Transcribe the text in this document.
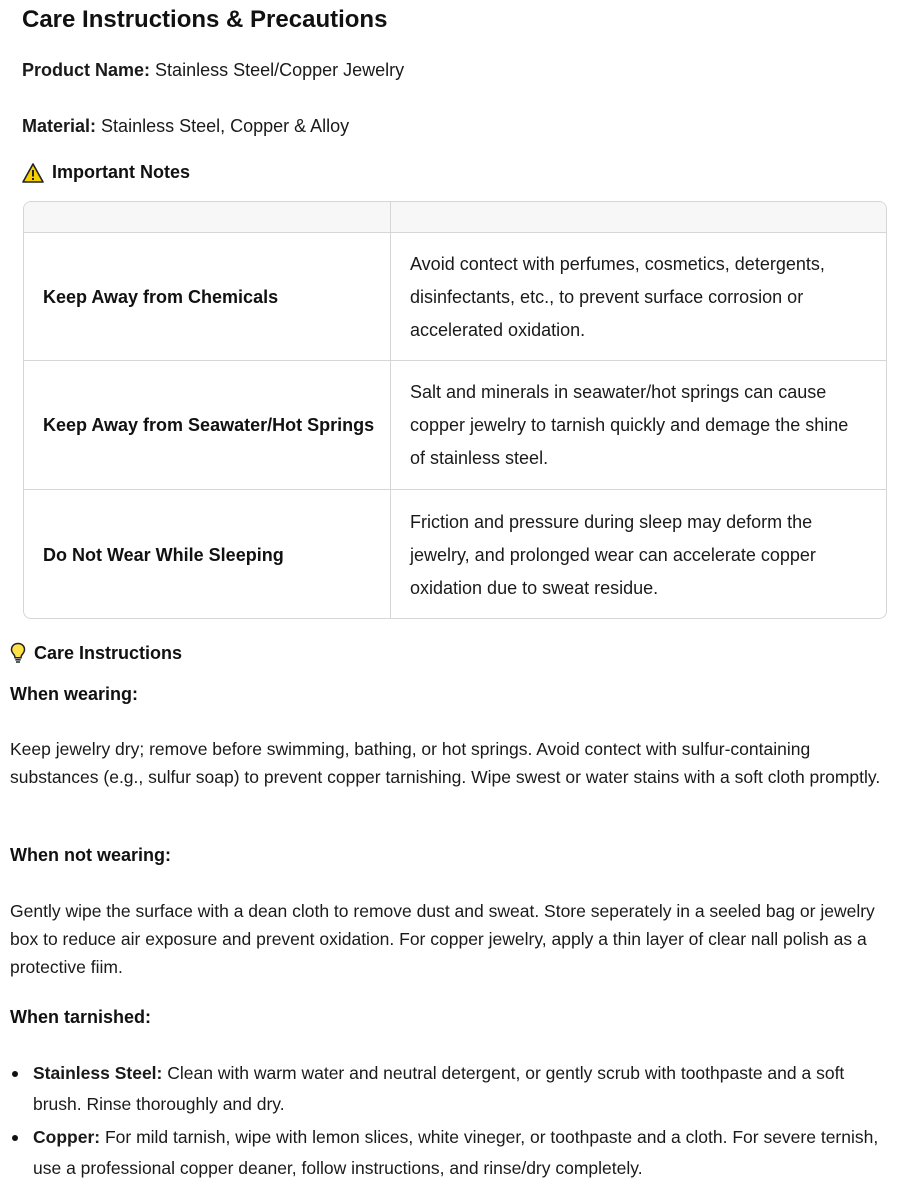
Care Instructions & Precautions
Product Name: Stainless Steel/Copper Jewelry
Material: Stainless Steel, Copper & Alloy
Important Notes
Keep Away from Chemicals
Avoid contect with perfumes, cosmetics, detergents, disinfectants, etc., to prevent surface corrosion or accelerated oxidation.
Keep Away from Seawater/Hot Springs
Salt and minerals in seawater/hot springs can cause copper jewelry to tarnish quickly and demage the shine of stainless steel.
Do Not Wear While Sleeping
Friction and pressure during sleep may deform the jewelry, and prolonged wear can accelerate copper oxidation due to sweat residue.
Care Instructions
When wearing:

Keep jewelry dry; remove before swimming, bathing, or hot springs. Avoid contect with sulfur-containing substances (e.g., sulfur soap) to prevent copper tarnishing. Wipe swest or water stains with a soft cloth promptly.

When not wearing:

Gently wipe the surface with a dean cloth to remove dust and sweat. Store seperately in a seeled bag or jewelry box to reduce air exposure and prevent oxidation. For copper jewelry, apply a thin layer of clear nall polish as a protective fiim.

When tarnished:
Stainless Steel: Clean with warm water and neutral detergent, or gently scrub with toothpaste and a soft brush. Rinse thoroughly and dry.
Copper: For mild tarnish, wipe with lemon slices, white vineger, or toothpaste and a cloth. For severe ternish, use a professional copper deaner, follow instructions, and rinse/dry completely.
